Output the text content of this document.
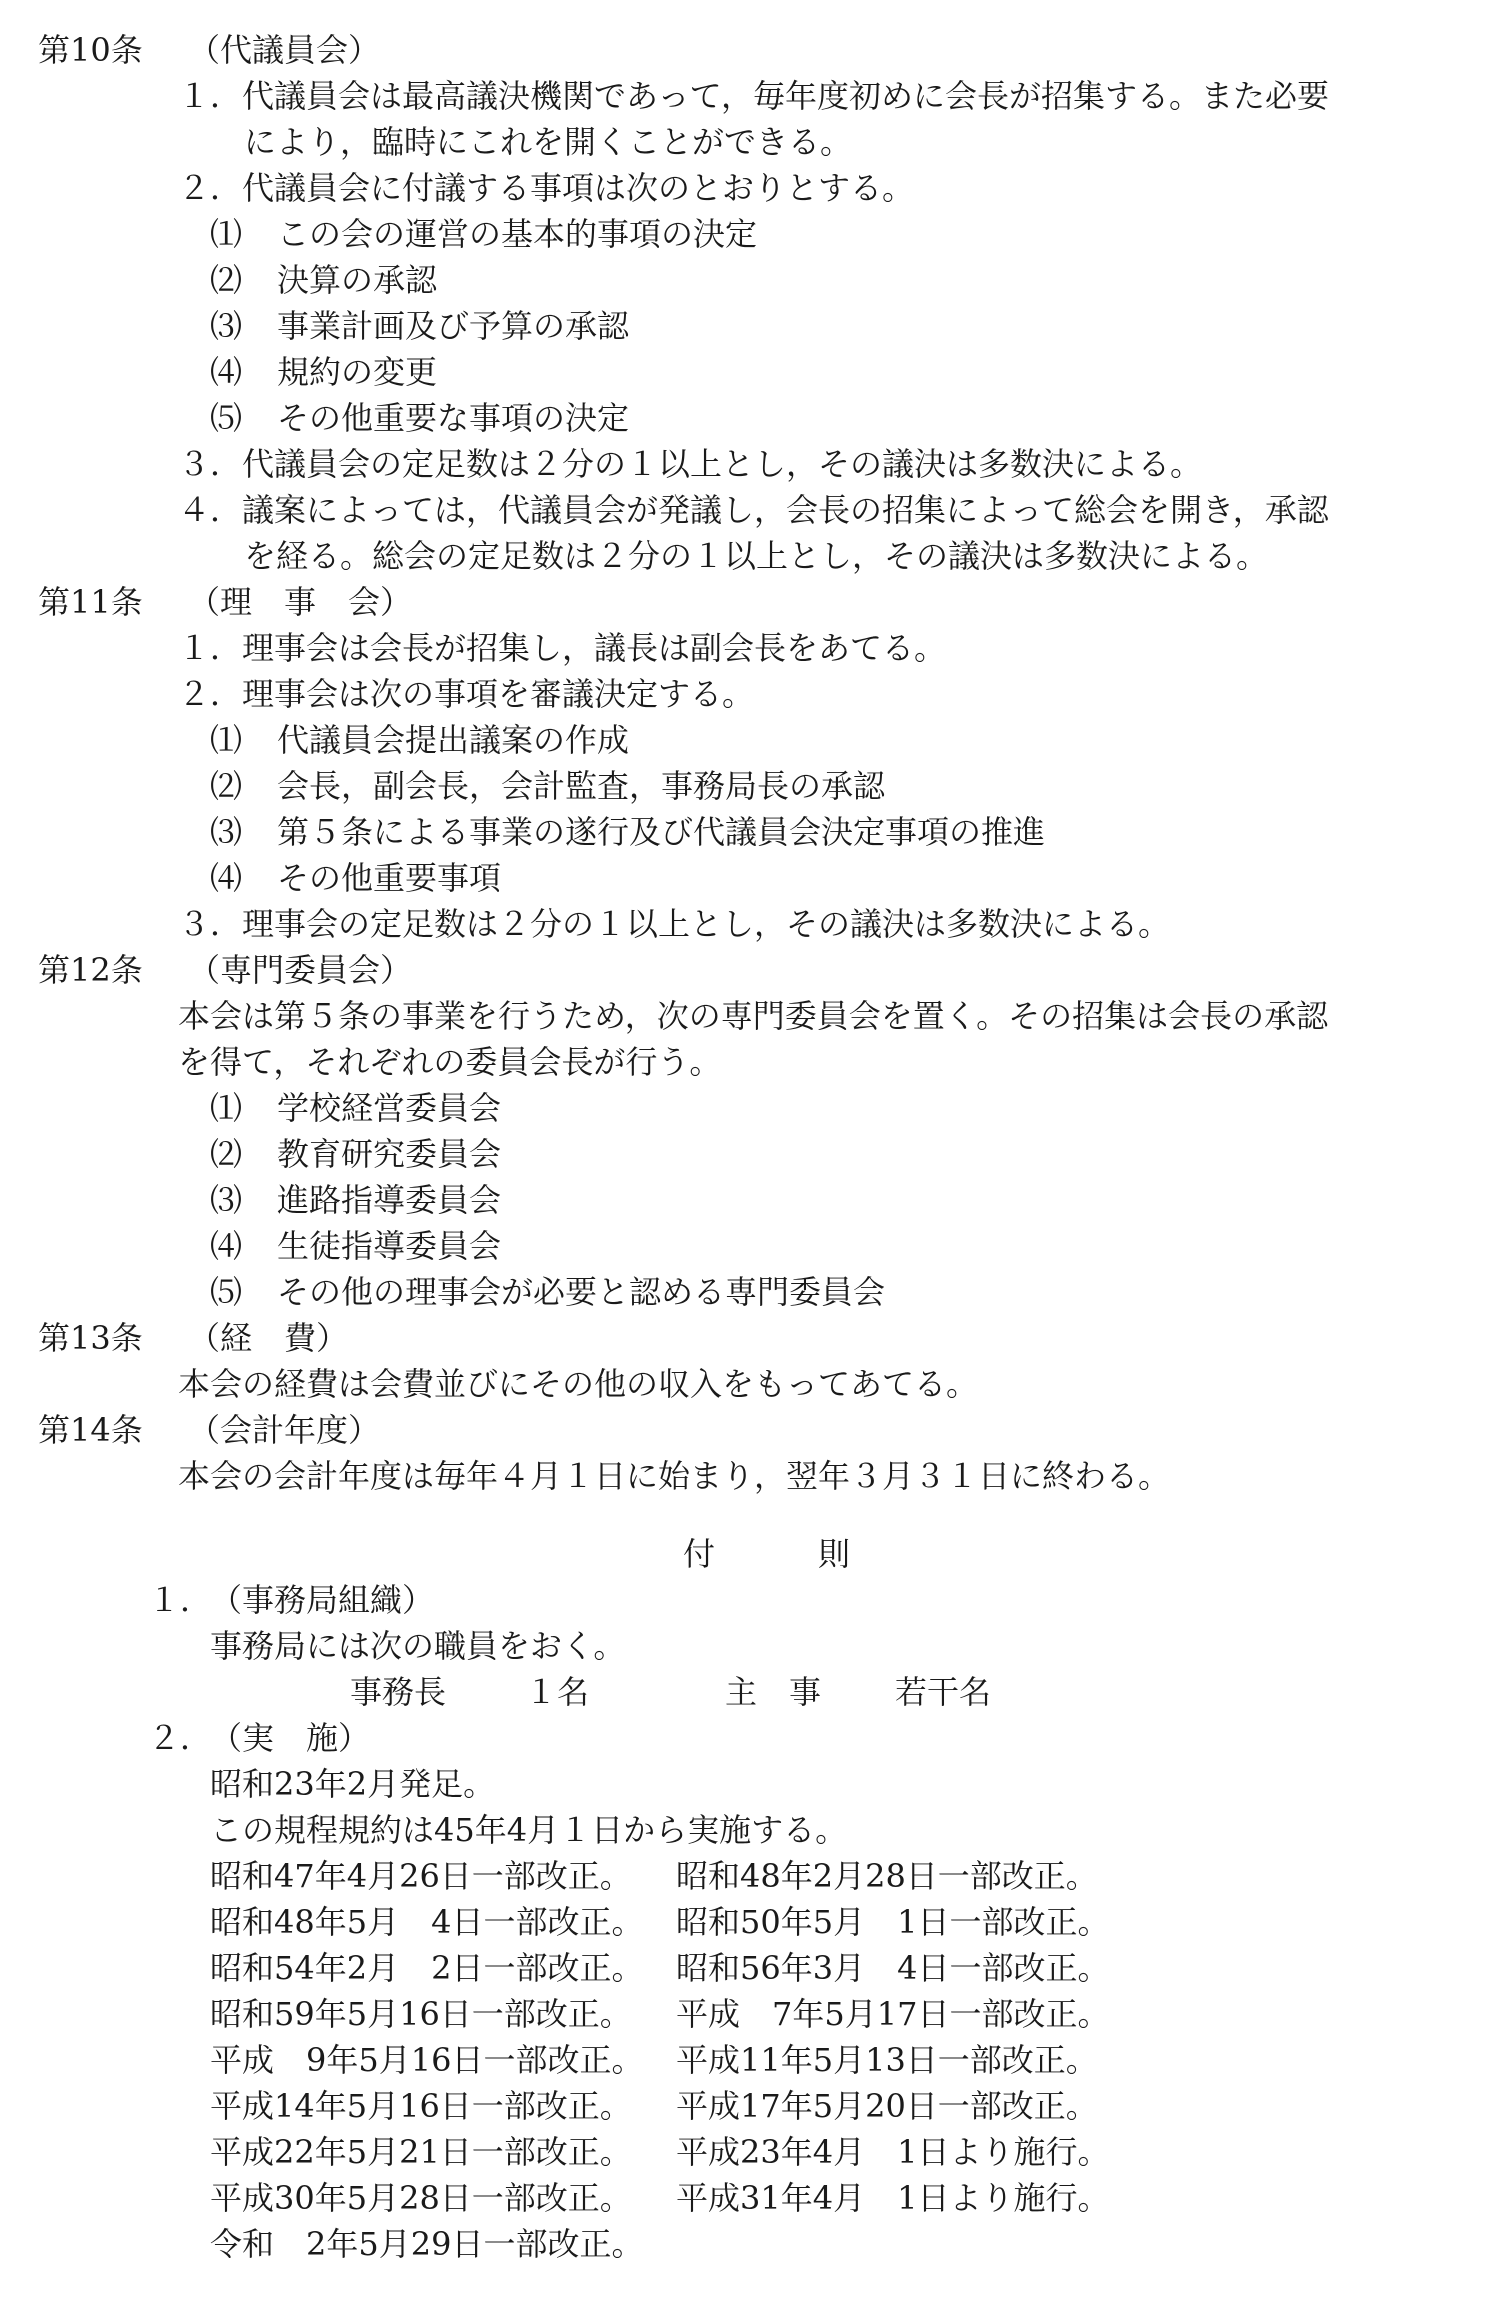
第10条 （代議員会）
１．代議員会は最高議決機関であって，毎年度初めに会長が招集する。また必要
により，臨時にこれを開くことができる。
２．代議員会に付議する事項は次のとおりとする。
⑴ この会の運営の基本的事項の決定
⑵ 決算の承認
⑶ 事業計画及び予算の承認
⑷ 規約の変更
⑸ その他重要な事項の決定
３．代議員会の定足数は２分の１以上とし，その議決は多数決による。
４．議案によっては，代議員会が発議し，会長の招集によって総会を開き，承認
を経る。総会の定足数は２分の１以上とし，その議決は多数決による。
第11条 （理　事　会）
１．理事会は会長が招集し，議長は副会長をあてる。
２．理事会は次の事項を審議決定する。
⑴ 代議員会提出議案の作成
⑵ 会長，副会長，会計監査，事務局長の承認
⑶ 第５条による事業の遂行及び代議員会決定事項の推進
⑷ その他重要事項
３．理事会の定足数は２分の１以上とし，その議決は多数決による。
第12条 （専門委員会）
本会は第５条の事業を行うため，次の専門委員会を置く。その招集は会長の承認
を得て，それぞれの委員会長が行う。
⑴ 学校経営委員会
⑵ 教育研究委員会
⑶ 進路指導委員会
⑷ 生徒指導委員会
⑸ その他の理事会が必要と認める専門委員会
第13条 （経　費）
本会の経費は会費並びにその他の収入をもってあてる。
第14条 （会計年度）
本会の会計年度は毎年４月１日に始まり，翌年３月３１日に終わる。
付	則
１．
（事務局組織）
事務局には次の職員をおく。
事務長 １名	主　事 若干名
２．
（実　施）
昭和23年2月発足。
この規程規約は45年4月１日から実施する。
昭和47年4月26日一部改正。 昭和48年2月28日一部改正。
昭和48年5月　4日一部改正。 昭和50年5月　1日一部改正。
昭和54年2月　2日一部改正。 昭和56年3月　4日一部改正。
昭和59年5月16日一部改正。 平成　7年5月17日一部改正。
平成　9年5月16日一部改正。 平成11年5月13日一部改正。
平成14年5月16日一部改正。 平成17年5月20日一部改正。
平成22年5月21日一部改正。 平成23年4月　1日より施行。
平成30年5月28日一部改正。 平成31年4月　1日より施行。
令和　2年5月29日一部改正。
